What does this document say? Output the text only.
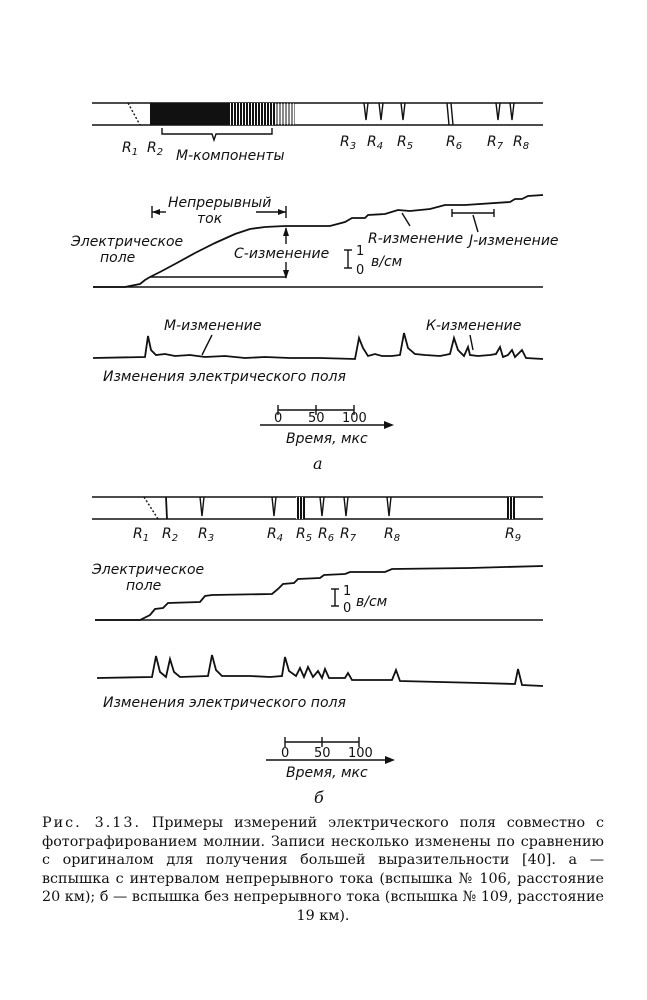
$R_1$ $R_2$
$R_3$ $R_4$ $R_5$ $R_6$ $R_7$ $R_8$
М-компоненты
Непрерывный
ток
Электрическое
поле	C-изменение
R-изменение J-изменение
1
0
в/см
М-изменение	К-изменение
Изменения электрического поля
0 50 100
Время, мкс
а
$R_1$ $R_2$ $R_3$	$R_4$ $R_5$ $R_6$ $R_7$ $R_8$	$R_9$
Электрическое
поле	1
0 в/см
Изменения электрического поля
0 50 100
Время, мкс
б
Рис. 3.13. Примеры измерений электрического поля совместно с фотографированием молнии. Записи несколько изменены по сравнению с оригиналом для получения большей выразительности [40]. а — вспышка с интервалом непрерывного тока (вспышка № 106, расстояние 20 км); б — вспышка без непрерывного тока (вспышка № 109, расстояние 19 км).
